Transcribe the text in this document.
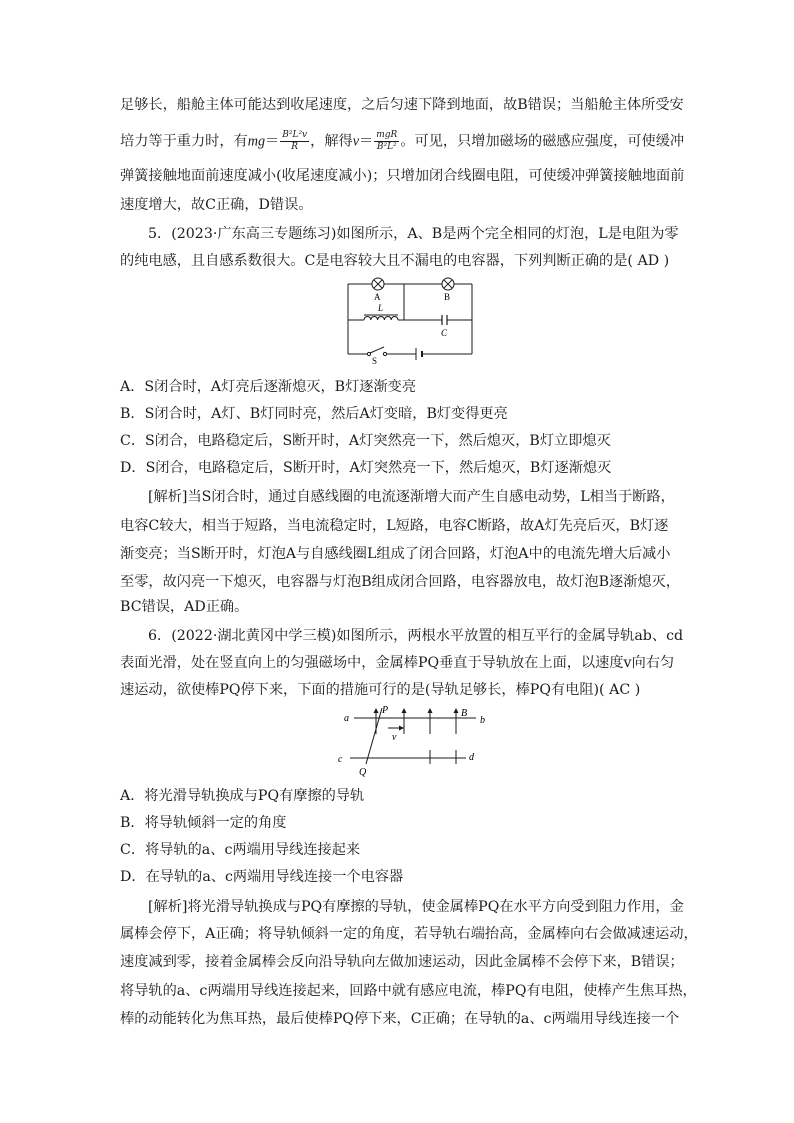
足够长，船舱主体可能达到收尾速度，之后匀速下降到地面，故B错误；当船舱主体所受安
培力等于重力时，有$mg= \frac{\text{B²L²v}}{R}$ ，解得$v= \frac{\text{mgR}}{\text{B²L²}}$ 。可见，只增加磁场的磁感应强度，可使缓冲
弹簧接触地面前速度减小(收尾速度减小)；只增加闭合线圈电阻，可使缓冲弹簧接触地面前
速度增大，故C正确，D错误。
5．(2023·广东高三专题练习)如图所示，A、B是两个完全相同的灯泡，L是电阻为零
的纯电感，且自感系数很大。C是电容较大且不漏电的电容器，下列判断正确的是( AD )
A	B
L
C
S
A．S闭合时，A灯亮后逐渐熄灭，B灯逐渐变亮
B．S闭合时，A灯、B灯同时亮，然后A灯变暗，B灯变得更亮
C．S闭合，电路稳定后，S断开时，A灯突然亮一下，然后熄灭，B灯立即熄灭
D．S闭合，电路稳定后，S断开时，A灯突然亮一下，然后熄灭，B灯逐渐熄灭
[解析]当S闭合时，通过自感线圈的电流逐渐增大而产生自感电动势，L相当于断路，
电容C较大，相当于短路，当电流稳定时，L短路，电容C断路，故A灯先亮后灭，B灯逐
渐变亮；当S断开时，灯泡A与自感线圈L组成了闭合回路，灯泡A中的电流先增大后减小
至零，故闪亮一下熄灭，电容器与灯泡B组成闭合回路，电容器放电，故灯泡B逐渐熄灭，
BC错误，AD正确。
6．(2022·湖北黄冈中学三模)如图所示，两根水平放置的相互平行的金属导轨ab、cd
表面光滑，处在竖直向上的匀强磁场中，金属棒PQ垂直于导轨放在上面，以速度v向右匀
速运动，欲使棒PQ停下来，下面的措施可行的是(导轨足够长，棒PQ有电阻)( AC )
a	b
c	d
P
Q
B
v
A．将光滑导轨换成与PQ有摩擦的导轨
B．将导轨倾斜一定的角度
C．将导轨的a、c两端用导线连接起来
D．在导轨的a、c两端用导线连接一个电容器
[解析]将光滑导轨换成与PQ有摩擦的导轨，使金属棒PQ在水平方向受到阻力作用，金
属棒会停下，A正确；将导轨倾斜一定的角度，若导轨右端抬高，金属棒向右会做减速运动，
速度减到零，接着金属棒会反向沿导轨向左做加速运动，因此金属棒不会停下来，B错误；
将导轨的a、c两端用导线连接起来，回路中就有感应电流，棒PQ有电阻，使棒产生焦耳热，
棒的动能转化为焦耳热，最后使棒PQ停下来，C正确；在导轨的a、c两端用导线连接一个
